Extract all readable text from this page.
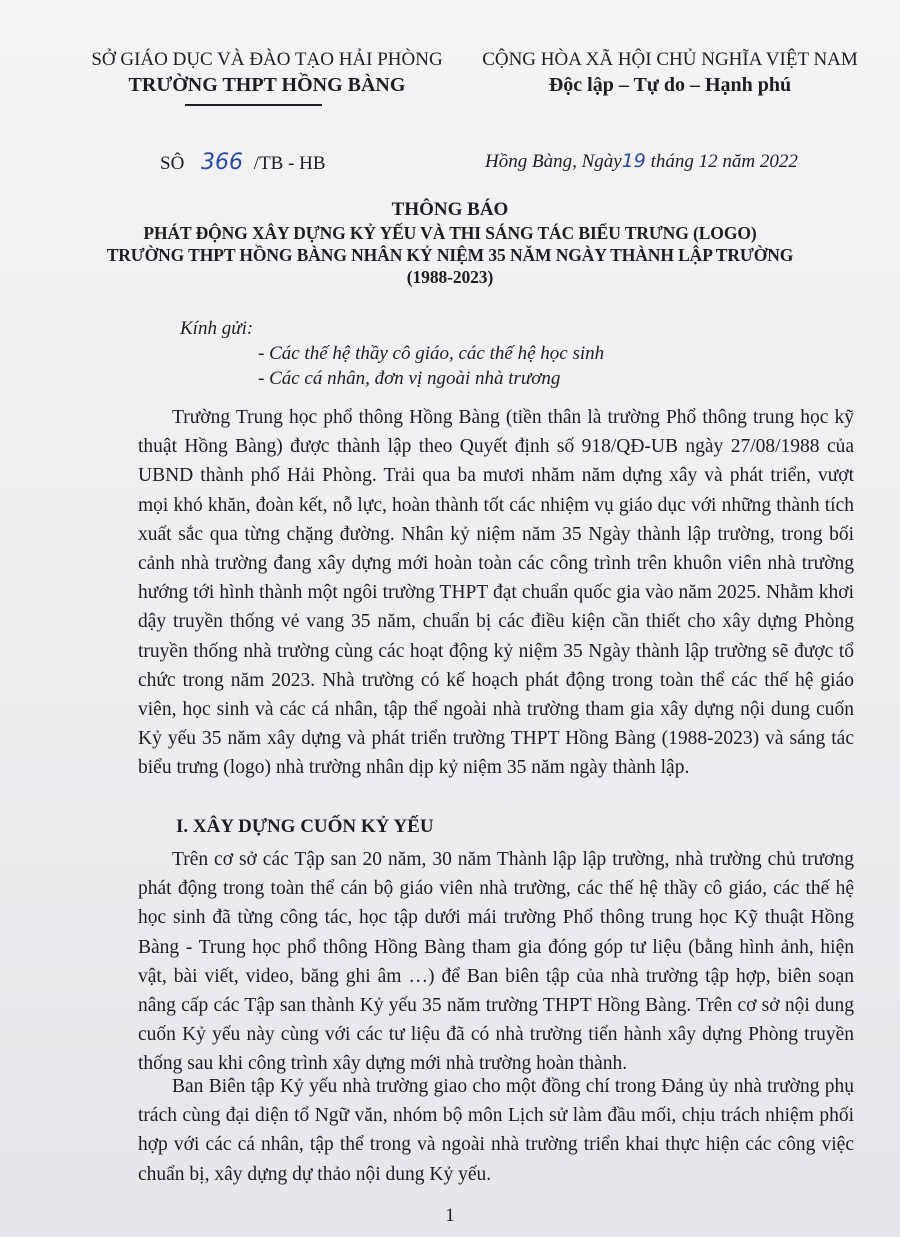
SỞ GIÁO DỤC VÀ ĐÀO TẠO HẢI PHÒNG
TRƯỜNG THPT HỒNG BÀNG
CỘNG HÒA XÃ HỘI CHỦ NGHĨA VIỆT NAM
Độc lập – Tự do – Hạnh phú
SÔ 366 /TB - HB	Hồng Bàng, Ngày19 tháng 12 năm 2022
THÔNG BÁO
PHÁT ĐỘNG XÂY DỰNG KỶ YẾU VÀ THI SÁNG TÁC BIỂU TRƯNG (LOGO)
TRƯỜNG THPT HỒNG BÀNG NHÂN KỶ NIỆM 35 NĂM NGÀY THÀNH LẬP TRƯỜNG
(1988-2023)
Kính gửi:
- Các thế hệ thầy cô giáo, các thế hệ học sinh
- Các cá nhân, đơn vị ngoài nhà trương

Trường Trung học phổ thông Hồng Bàng (tiền thân là trường Phổ thông trung học kỹ thuật Hồng Bàng) được thành lập theo Quyết định số 918/QĐ-UB ngày 27/08/1988 của UBND thành phố Hải Phòng. Trải qua ba mươi nhăm năm dựng xây và phát triển, vượt mọi khó khăn, đoàn kết, nỗ lực, hoàn thành tốt các nhiệm vụ giáo dục với những thành tích xuất sắc qua từng chặng đường. Nhân kỷ niệm năm 35 Ngày thành lập trường, trong bối cảnh nhà trường đang xây dựng mới hoàn toàn các công trình trên khuôn viên nhà trường hướng tới hình thành một ngôi trường THPT đạt chuẩn quốc gia vào năm 2025. Nhằm khơi dậy truyền thống vẻ vang 35 năm, chuẩn bị các điều kiện cần thiết cho xây dựng Phòng truyền thống nhà trường cùng các hoạt động kỷ niệm 35 Ngày thành lập trường sẽ được tổ chức trong năm 2023. Nhà trường có kế hoạch phát động trong toàn thể các thế hệ giáo viên, học sinh và các cá nhân, tập thể ngoài nhà trường tham gia xây dựng nội dung cuốn Kỷ yếu 35 năm xây dựng và phát triển trường THPT Hồng Bàng (1988-2023) và sáng tác biểu trưng (logo) nhà trường nhân dịp kỷ niệm 35 năm ngày thành lập.

I. XÂY DỰNG CUỐN KỶ YẾU

Trên cơ sở các Tập san 20 năm, 30 năm Thành lập lập trường, nhà trường chủ trương phát động trong toàn thể cán bộ giáo viên nhà trường, các thế hệ thầy cô giáo, các thế hệ học sinh đã từng công tác, học tập dưới mái trường Phổ thông trung học Kỹ thuật Hồng Bàng - Trung học phổ thông Hồng Bàng tham gia đóng góp tư liệu (bằng hình ảnh, hiện vật, bài viết, video, băng ghi âm …) để Ban biên tập của nhà trường tập hợp, biên soạn nâng cấp các Tập san thành Kỷ yếu 35 năm trường THPT Hồng Bàng. Trên cơ sở nội dung cuốn Kỷ yếu này cùng với các tư liệu đã có nhà trường tiến hành xây dựng Phòng truyền thống sau khi công trình xây dựng mới nhà trường hoàn thành.

Ban Biên tập Kỷ yếu nhà trường giao cho một đồng chí trong Đảng ủy nhà trường phụ trách cùng đại diện tổ Ngữ văn, nhóm bộ môn Lịch sử làm đầu mối, chịu trách nhiệm phối hợp với các cá nhân, tập thể trong và ngoài nhà trường triển khai thực hiện các công việc chuẩn bị, xây dựng dự thảo nội dung Kỷ yếu.

1
